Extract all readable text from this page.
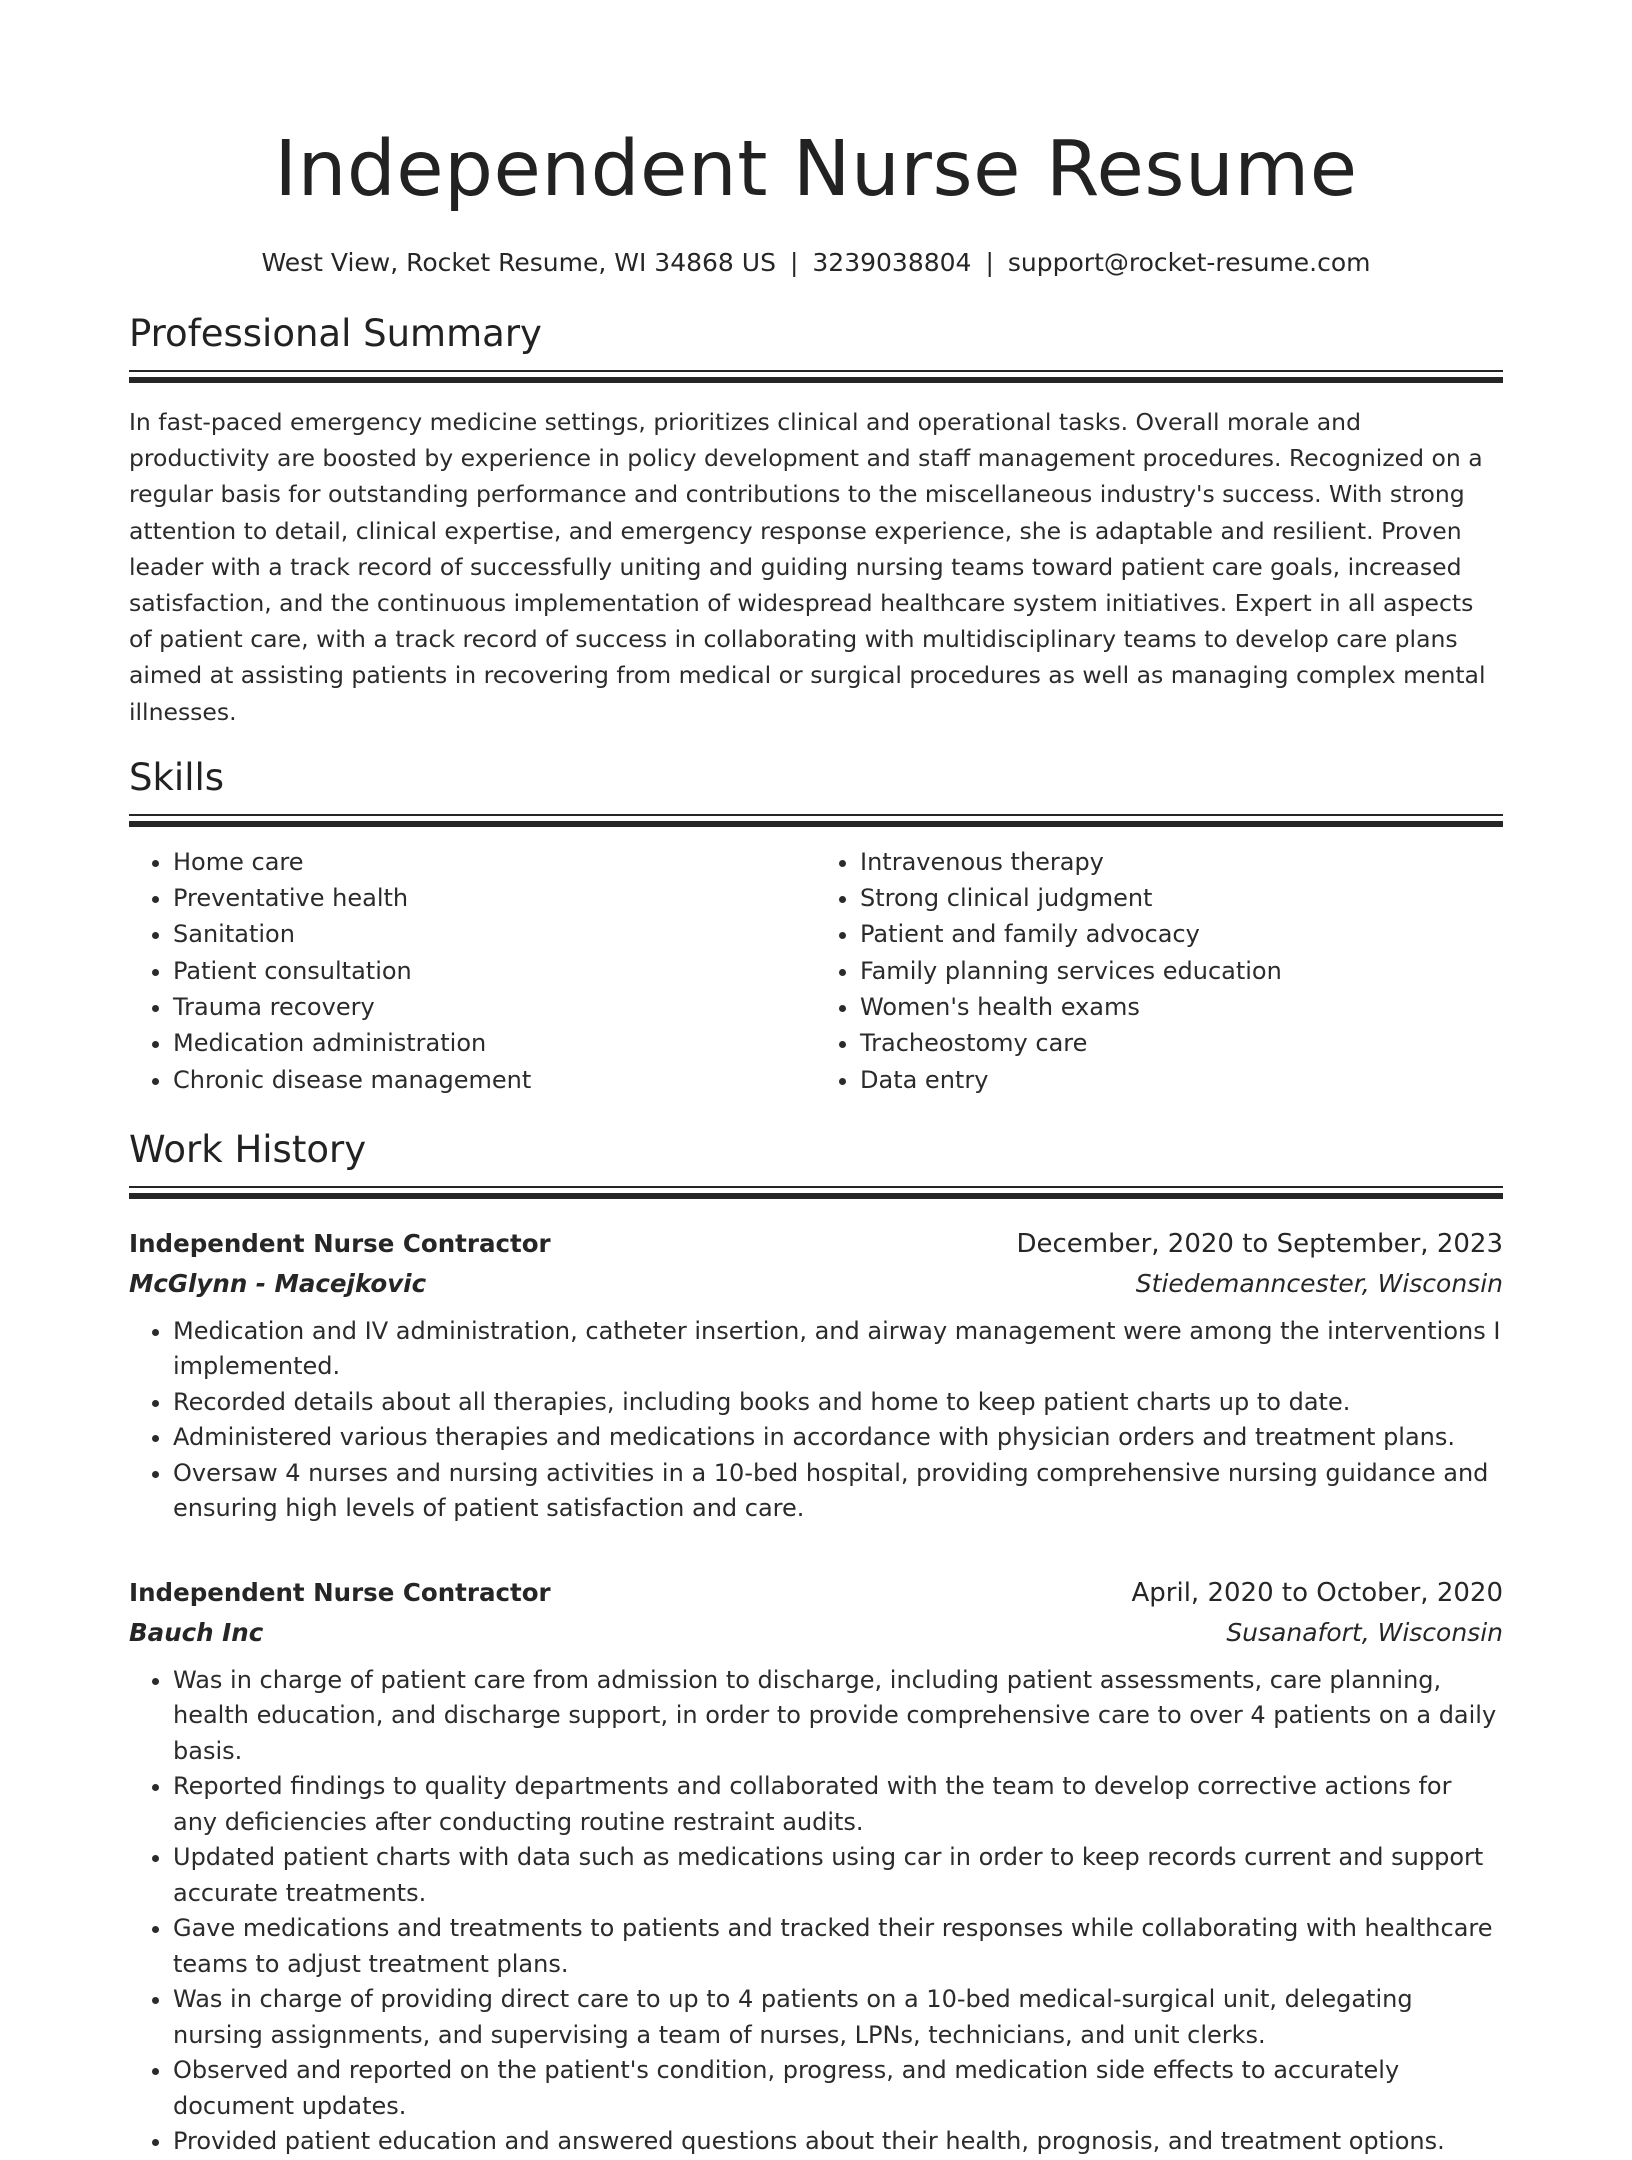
Independent Nurse Resume
West View, Rocket Resume, WI 34868 US | 3239038804 | support@rocket-resume.com
Professional Summary

In fast-paced emergency medicine settings, prioritizes clinical and operational tasks. Overall morale and productivity are boosted by experience in policy development and staff management procedures. Recognized on a regular basis for outstanding performance and contributions to the miscellaneous industry's success. With strong attention to detail, clinical expertise, and emergency response experience, she is adaptable and resilient. Proven leader with a track record of successfully uniting and guiding nursing teams toward patient care goals, increased satisfaction, and the continuous implementation of widespread healthcare system initiatives. Expert in all aspects of patient care, with a track record of success in collaborating with multidisciplinary teams to develop care plans aimed at assisting patients in recovering from medical or surgical procedures as well as managing complex mental illnesses.

Skills
• Home care
• Preventative health
• Sanitation
• Patient consultation
• Trauma recovery
• Medication administration
• Chronic disease management
• Intravenous therapy
• Strong clinical judgment
• Patient and family advocacy
• Family planning services education
• Women's health exams
• Tracheostomy care
• Data entry
Work History
Independent Nurse Contractor	December, 2020 to September, 2023
McGlynn - Macejkovic	Stiedemanncester, Wisconsin
• Medication and IV administration, catheter insertion, and airway management were among the interventions I implemented.
• Recorded details about all therapies, including books and home to keep patient charts up to date.
• Administered various therapies and medications in accordance with physician orders and treatment plans.
• Oversaw 4 nurses and nursing activities in a 10-bed hospital, providing comprehensive nursing guidance and ensuring high levels of patient satisfaction and care.
Independent Nurse Contractor	April, 2020 to October, 2020
Bauch Inc	Susanafort, Wisconsin
• Was in charge of patient care from admission to discharge, including patient assessments, care planning, health education, and discharge support, in order to provide comprehensive care to over 4 patients on a daily basis.
• Reported findings to quality departments and collaborated with the team to develop corrective actions for any deficiencies after conducting routine restraint audits.
• Updated patient charts with data such as medications using car in order to keep records current and support accurate treatments.
• Gave medications and treatments to patients and tracked their responses while collaborating with healthcare teams to adjust treatment plans.
• Was in charge of providing direct care to up to 4 patients on a 10-bed medical-surgical unit, delegating nursing assignments, and supervising a team of nurses, LPNs, technicians, and unit clerks.
• Observed and reported on the patient's condition, progress, and medication side effects to accurately document updates.
• Provided patient education and answered questions about their health, prognosis, and treatment options.
